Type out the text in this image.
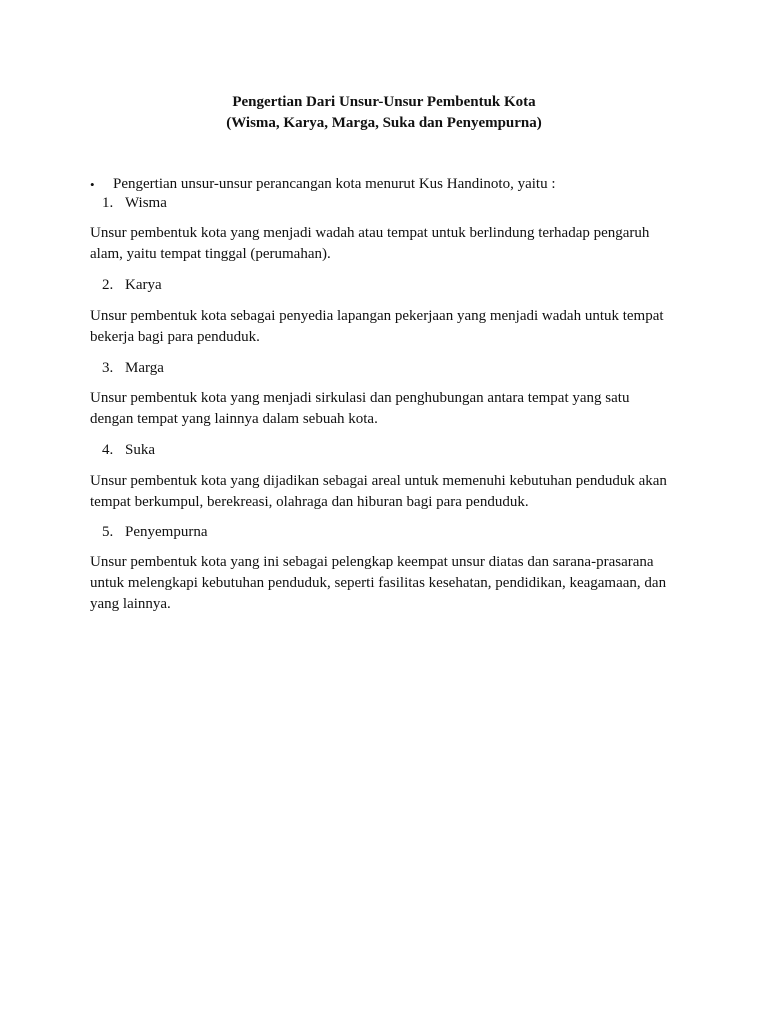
Pengertian Dari Unsur-Unsur Pembentuk Kota
(Wisma, Karya, Marga, Suka dan Penyempurna)
• Pengertian unsur-unsur perancangan kota menurut Kus Handinoto, yaitu :
1. Wisma
Unsur pembentuk kota yang menjadi wadah atau tempat untuk berlindung terhadap pengaruh
alam, yaitu tempat tinggal (perumahan).
2. Karya
Unsur pembentuk kota sebagai penyedia lapangan pekerjaan yang menjadi wadah untuk tempat
bekerja bagi para penduduk.
3. Marga
Unsur pembentuk kota yang menjadi sirkulasi dan penghubungan antara tempat yang satu
dengan tempat yang lainnya dalam sebuah kota.
4. Suka
Unsur pembentuk kota yang dijadikan sebagai areal untuk memenuhi kebutuhan penduduk akan
tempat berkumpul, berekreasi, olahraga dan hiburan bagi para penduduk.
5. Penyempurna
Unsur pembentuk kota yang ini sebagai pelengkap keempat unsur diatas dan sarana-prasarana
untuk melengkapi kebutuhan penduduk, seperti fasilitas kesehatan, pendidikan, keagamaan, dan
yang lainnya.
